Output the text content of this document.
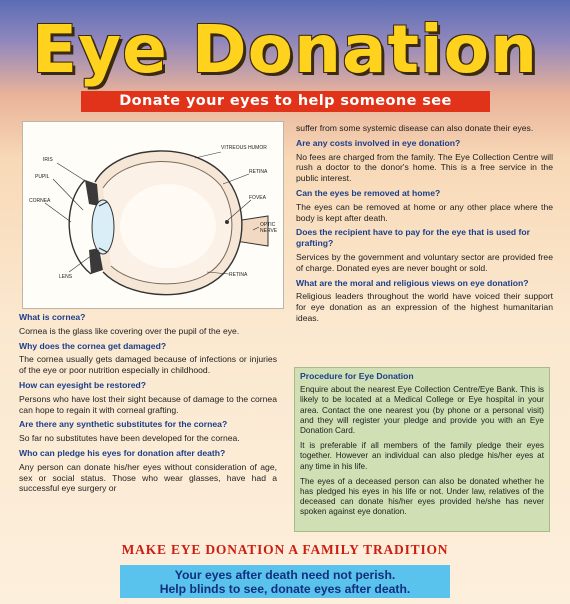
Eye Donation
Donate your eyes to help someone see
IRIS
PUPIL
CORNEA
LENS
VITREOUS HUMOR
RETINA
FOVEA
OPTIC
NERVE
RETINA
What is cornea?
Cornea is the glass like covering over the pupil of the eye.
Why does the cornea get damaged?
The cornea usually gets damaged because of infections or injuries of the eye or poor nutrition especially in childhood.
How can eyesight be restored?
Persons who have lost their sight because of damage to the cornea can hope to regain it with corneal grafting.
Are there any synthetic substitutes for the cornea?
So far no substitutes have been developed for the cornea.
Who can pledge his eyes for donation after death?
Any person can donate his/her eyes without consideration of age, sex or social status. Those who wear glasses, have had a successful eye surgery or
suffer from some systemic disease can also donate their eyes.
Are any costs involved in eye donation?
No fees are charged from the family. The Eye Collection Centre will rush a doctor to the donor's home. This is a free service in the public interest.
Can the eyes be removed at home?
The eyes can be removed at home or any other place where the body is kept after death.
Does the recipient have to pay for the eye that is used for grafting?
Services by the government and voluntary sector are provided free of charge. Donated eyes are never bought or sold.
What are the moral and religious views on eye donation?
Religious leaders throughout the world have voiced their support for eye donation as an expression of the highest humanitarian ideas.
Procedure for Eye Donation

Enquire about the nearest Eye Collection Centre/Eye Bank. This is likely to be located at a Medical College or Eye hospital in your area. Contact the one nearest you (by phone or a personal visit) and they will register your pledge and provide you with an Eye Donation Card.

It is preferable if all members of the family pledge their eyes together. However an individual can also pledge his/her eyes at any time in his life.

The eyes of a deceased person can also be donated whether he has pledged his eyes in his life or not. Under law, relatives of the deceased can donate his/her eyes provided he/she has never spoken against eye donation.

MAKE EYE DONATION A FAMILY TRADITION
Your eyes after death need not perish.
Help blinds to see, donate eyes after death.
